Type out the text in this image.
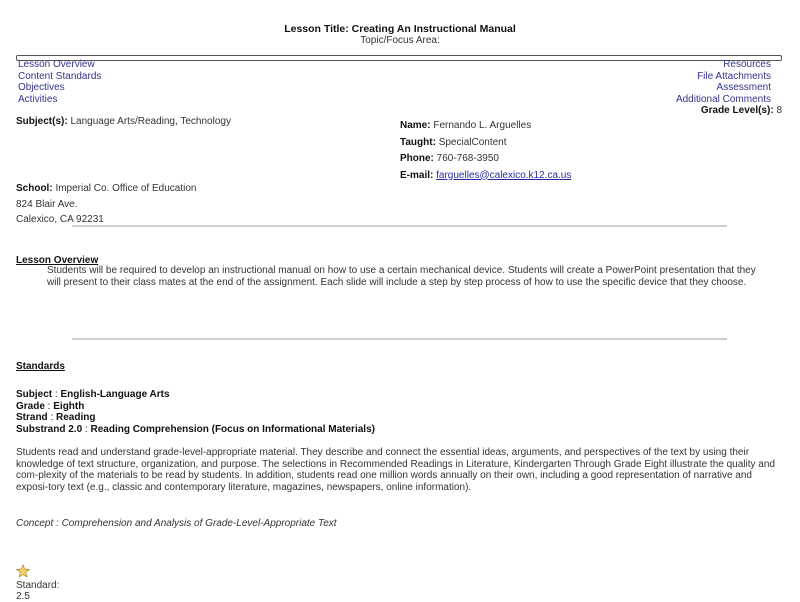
Lesson Title: Creating An Instructional Manual
Topic/Focus Area:
Lesson Overview
Content Standards
Objectives
Activities
Resources
File Attachments
Assessment
Additional Comments
Grade Level(s): 8
Subject(s): Language Arts/Reading, Technology	Name: Fernando L. Arguelles
Taught: SpecialContent
Phone: 760-768-3950
E-mail: farguelles@calexico.k12.ca.us
School: Imperial Co. Office of Education
824 Blair Ave.
Calexico, CA 92231
Lesson Overview
Students will be required to develop an instructional manual on how to use a certain mechanical device. Students will create a PowerPoint presentation that they will present to their class mates at the end of the assignment. Each slide will include a step by step process of how to use the specific device that they choose.
Standards
Subject : English-Language Arts
Grade : Eighth
Strand : Reading
Substrand 2.0 : Reading Comprehension (Focus on Informational Materials)
Students read and understand grade-level-appropriate material. They describe and connect the essential ideas, arguments, and perspectives of the text by using their knowledge of text structure, organization, and purpose. The selections in Recommended Readings in Literature, Kindergarten Through Grade Eight illustrate the quality and com-plexity of the materials to be read by students. In addition, students read one million words annually on their own, including a good representation of narrative and exposi-tory text (e.g., classic and contemporary literature, magazines, newspapers, online information).
Concept : Comprehension and Analysis of Grade-Level-Appropriate Text
Standard:
2.5
